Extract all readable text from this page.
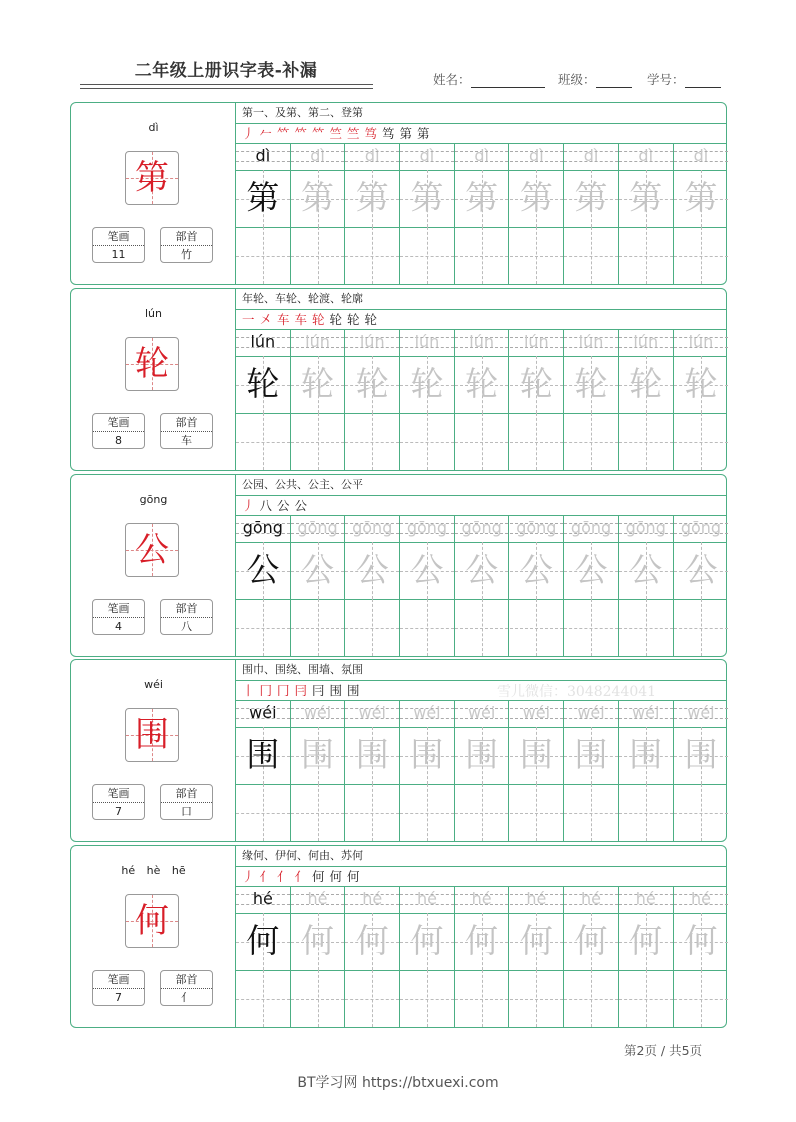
二年级上册识字表-补漏	姓名：	班级：	学号：
dì
第
笔画
11
部首
竹
第一、及第、第二、登第
丿 𠂉 𥫗 𥫗 𥫗 竺 竺 笃 笃 第 第
dì	dì	dì	dì	dì	dì	dì	dì	dì
第 第 第 第 第 第 第 第 第
lún
轮
笔画
8
部首
车
年轮、车轮、轮渡、轮廓
一 㐅 车 车 轮 轮 轮 轮
lún	lún	lún	lún	lún	lún	lún	lún	lún
轮 轮 轮 轮 轮 轮 轮 轮 轮
gōng
公
笔画
4
部首
八
公园、公共、公主、公平
丿 八 公 公
gōng gōng gōng gōng gōng gōng gōng gōng gōng
公 公 公 公 公 公 公 公 公
wéi
围
笔画
7
部首
口
围巾、围绕、围墙、氛围
丨 冂 冂 冃 冃 围 围
wéi	wéi	wéi	wéi	wéi	wéi	wéi	wéi	wéi
围 围 围 围 围 围 围 围 围
hé hè hē
何
笔画
7
部首
亻
缘何、伊何、何由、苏何
丿 亻 亻 亻 何 何 何
hé	hé	hé	hé	hé	hé	hé	hé	hé
何 何 何 何 何 何 何 何 何
雪儿微信：3048244041
第2页 / 共5页
BT学习网 https://btxuexi.com
